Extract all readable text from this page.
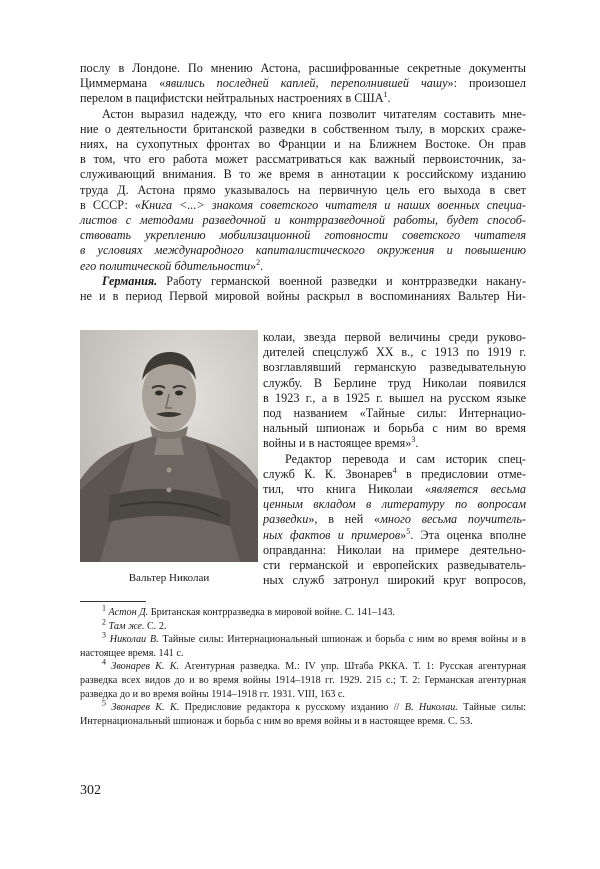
послу в Лондоне. По мнению Астона, расшифрованные секретные документы
Циммермана «явились последней каплей, переполнившей чашу»: произошел
перелом в пацифистски нейтральных настроениях в США$^1$.
Астон выразил надежду, что его книга позволит читателям составить мне-
ние о деятельности британской разведки в собственном тылу, в морских сраже-
ниях, на сухопутных фронтах во Франции и на Ближнем Востоке. Он прав
в том, что его работа может рассматриваться как важный первоисточник, за-
служивающий внимания. В то же время в аннотации к российскому изданию
труда Д. Астона прямо указывалось на первичную цель его выхода в свет
в СССР: «Книга <...> знакомя советского читателя и наших военных специа-
листов с методами разведочной и контрразведочной работы, будет способ-
ствовать укреплению мобилизационной готовности советского читателя
в условиях международного капиталистического окружения и повышению
его политической бдительности»$^2$.
Германия. Работу германской военной разведки и контрразведки накану-
не и в период Первой мировой войны раскрыл в воспоминаниях Вальтер Ни-
Вальтер Николаи
колаи, звезда первой величины среди руково-
дителей спецслужб XX в., с 1913 по 1919 г.
возглавлявший германскую разведывательную
службу. В Берлине труд Николаи появился
в 1923 г., а в 1925 г. вышел на русском языке
под названием «Тайные силы: Интернацио-
нальный шпионаж и борьба с ним во время
войны и в настоящее время»$^3$.
Редактор перевода и сам историк спец-
служб К. К. Звонарев$^4$ в предисловии отме-
тил, что книга Николаи «является весьма
ценным вкладом в литературу по вопросам
разведки», в ней «много весьма поучитель-
ных фактов и примеров»$^5$. Эта оценка вполне
оправданна: Николаи на примере деятельно-
сти германской и европейских разведыватель-
ных служб затронул широкий круг вопросов,

$^1$ Астон Д. Британская контрразведка в мировой войне. С. 141–143.

$^2$ Там же. С. 2.

$^3$ Николаи В. Тайные силы: Интернациональный шпионаж и борьба с ним во время войны и в настоящее время. 141 с.

$^4$ Звонарев К. К. Агентурная разведка. М.: IV упр. Штаба РККА. Т. 1: Русская агентурная разведка всех видов до и во время войны 1914–1918 гг. 1929. 215 с.; Т. 2: Германская агентурная разведка до и во время войны 1914–1918 гг. 1931. VIII, 163 с.

$^5$ Звонарев К. К. Предисловие редактора к русскому изданию // В. Николаи. Тайные силы: Интернациональный шпионаж и борьба с ним во время войны и в настоящее время. С. 53.

302
